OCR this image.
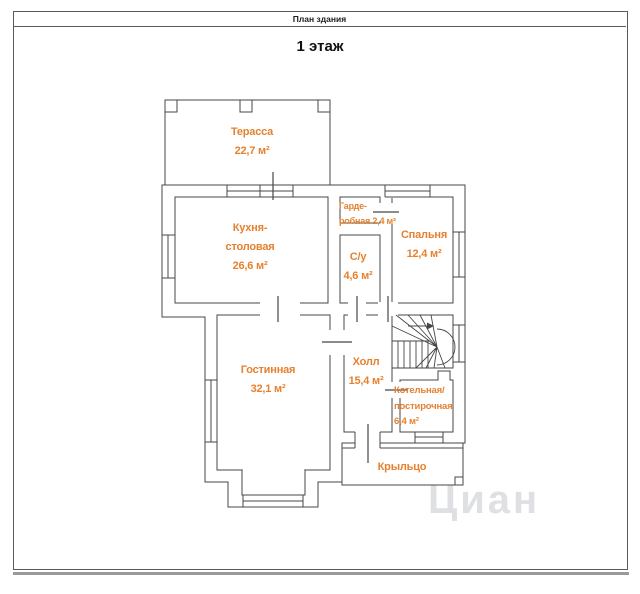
План здания
1 этаж
Терасса
22,7 м²
Кухня-
столовая
26,6 м²
Гарде-
робная 2,4 м²
С/у
4,6 м²
Спальня
12,4 м²
Гостинная
32,1 м²
Холл
15,4 м²
Котельная/
постирочная
6,4 м²
Крыльцо
Циан
